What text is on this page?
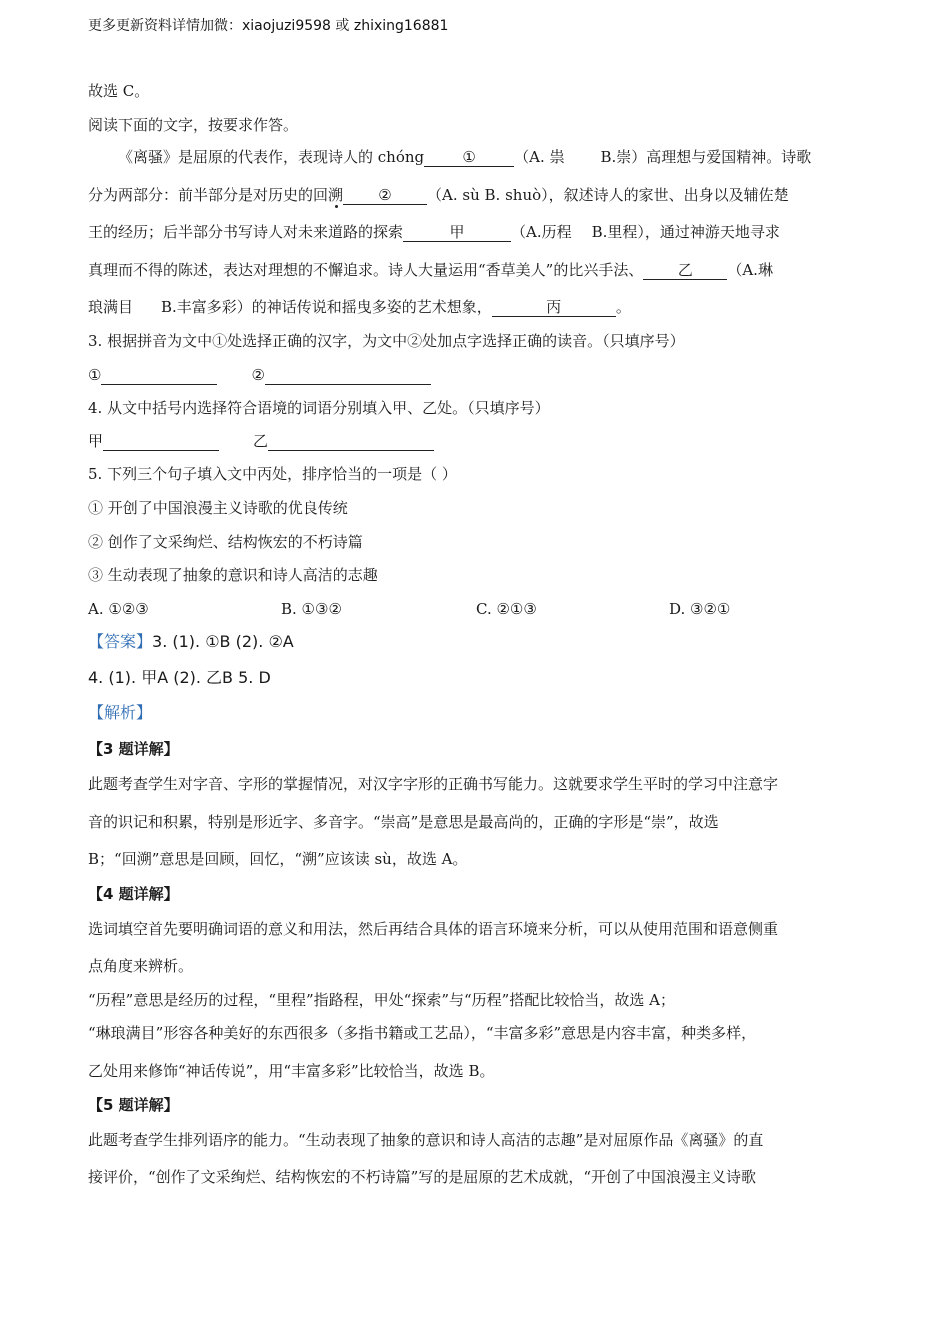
更多更新资料详情加微：xiaojuzi9598 或 zhixing16881
故选 C。
阅读下面的文字，按要求作答。
《离骚》是屈原的代表作，表现诗人的 chóng	①	（A. 祟 B.崇）高理想与爱国精神。诗歌
分为两部分：前半部分是对历史的回溯 ② （A. sù B. shuò），叙述诗人的家世、出身以及辅佐楚
王的经历；后半部分书写诗人对未来道路的探索	甲	（A.历程 B.里程），通过神游天地寻求
真理而不得的陈述，表达对理想的不懈追求。诗人大量运用“香草美人”的比兴手法、 乙 （A.琳
琅满目 B.丰富多彩）的神话传说和摇曳多姿的艺术想象，	丙	。
3. 根据拼音为文中①处选择正确的汉字，为文中②处加点字选择正确的读音。（只填序号）
①	②
4. 从文中括号内选择符合语境的词语分别填入甲、乙处。（只填序号）
甲	乙
5. 下列三个句子填入文中丙处，排序恰当的一项是（ ）
① 开创了中国浪漫主义诗歌的优良传统
② 创作了文采绚烂、结构恢宏的不朽诗篇
③ 生动表现了抽象的意识和诗人高洁的志趣
A. ①②③	B. ①③②	C. ②①③	D. ③②①
【答案】3. (1). ①B (2). ②A
4. (1). 甲A (2). 乙B 5. D
【解析】
【3 题详解】
此题考查学生对字音、字形的掌握情况，对汉字字形的正确书写能力。这就要求学生平时的学习中注意字
音的识记和积累，特别是形近字、多音字。“崇高”是意思是最高尚的，正确的字形是“崇”，故选
B；“回溯”意思是回顾，回忆，“溯”应该读 sù，故选 A。
【4 题详解】
选词填空首先要明确词语的意义和用法，然后再结合具体的语言环境来分析，可以从使用范围和语意侧重
点角度来辨析。
“历程”意思是经历的过程，“里程”指路程，甲处“探索”与“历程”搭配比较恰当，故选 A；
“琳琅满目”形容各种美好的东西很多（多指书籍或工艺品），“丰富多彩”意思是内容丰富，种类多样，
乙处用来修饰“神话传说”，用“丰富多彩”比较恰当，故选 B。
【5 题详解】
此题考查学生排列语序的能力。“生动表现了抽象的意识和诗人高洁的志趣”是对屈原作品《离骚》的直
接评价，“创作了文采绚烂、结构恢宏的不朽诗篇”写的是屈原的艺术成就，“开创了中国浪漫主义诗歌
